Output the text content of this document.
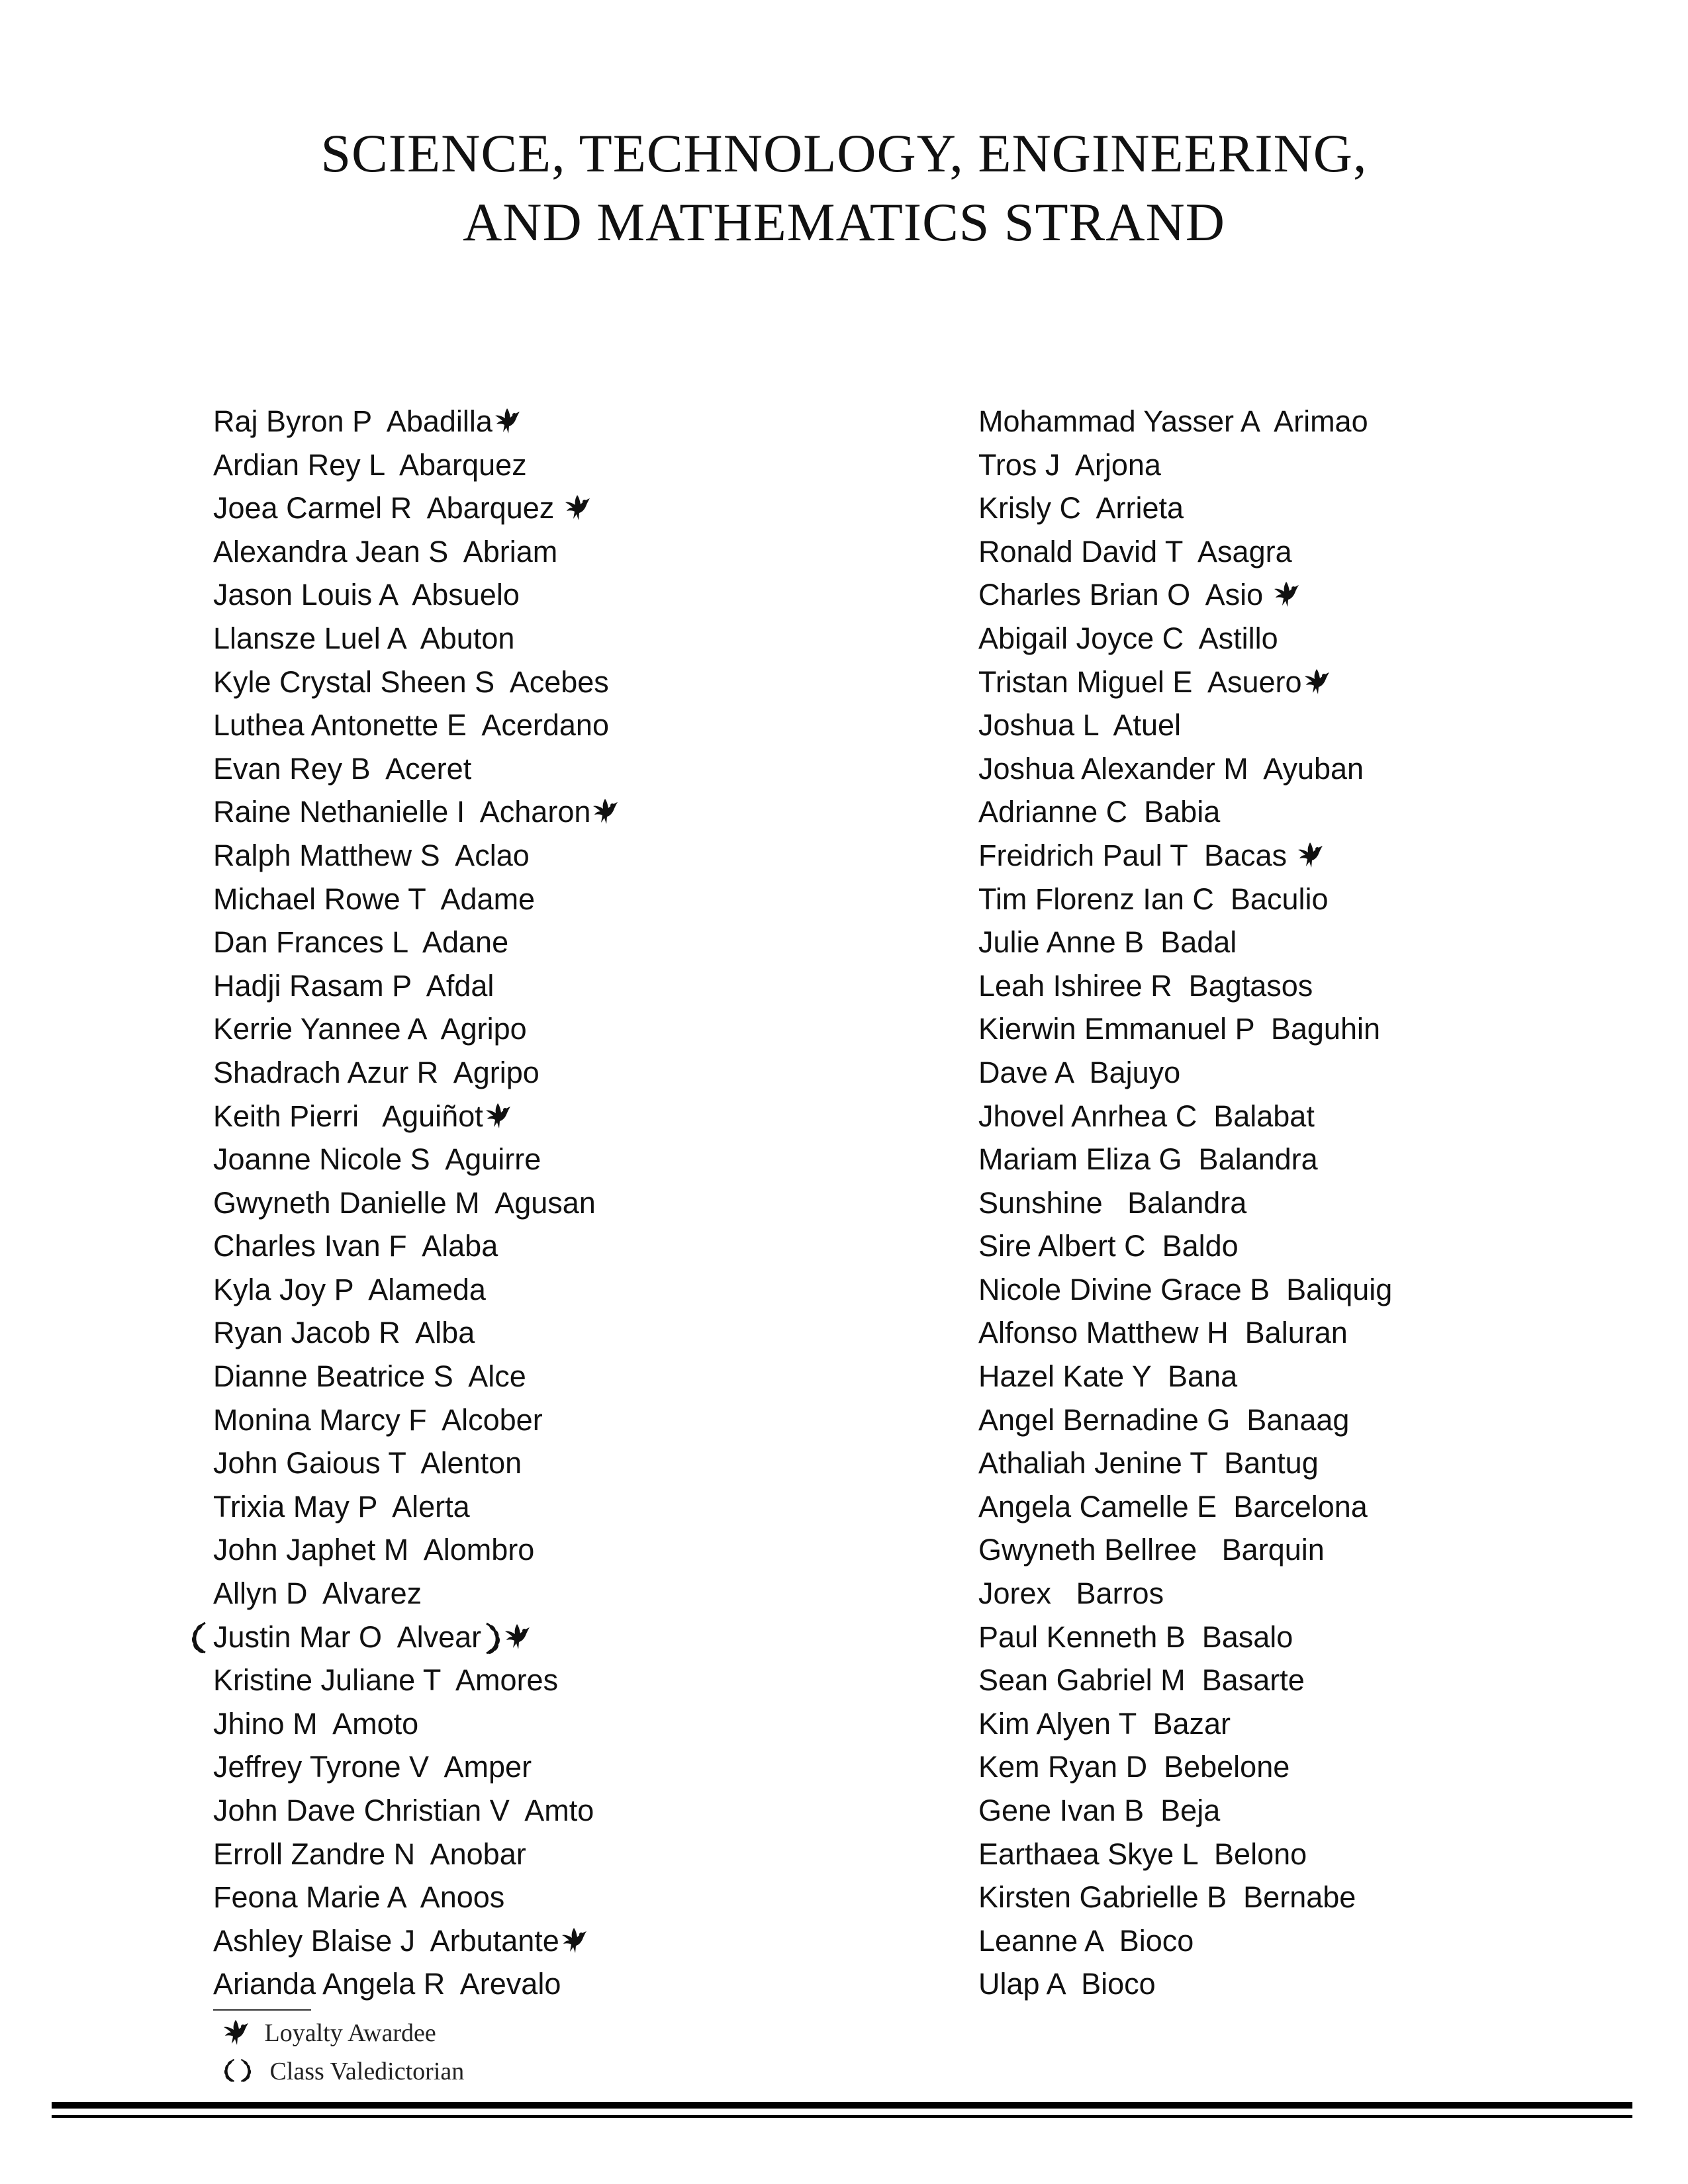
SCIENCE, TECHNOLOGY, ENGINEERING,
AND MATHEMATICS STRAND
Raj Byron P  Abadilla
Ardian Rey L  Abarquez
Joea Carmel R  Abarquez
Alexandra Jean S  Abriam
Jason Louis A  Absuelo
Llansze Luel A  Abuton
Kyle Crystal Sheen S  Acebes
Luthea Antonette E  Acerdano
Evan Rey B  Aceret
Raine Nethanielle I  Acharon
Ralph Matthew S  Aclao
Michael Rowe T  Adame
Dan Frances L  Adane
Hadji Rasam P  Afdal
Kerrie Yannee A  Agripo
Shadrach Azur R  Agripo
Keith Pierri   Aguiñot
Joanne Nicole S  Aguirre
Gwyneth Danielle M  Agusan
Charles Ivan F  Alaba
Kyla Joy P  Alameda
Ryan Jacob R  Alba
Dianne Beatrice S  Alce
Monina Marcy F  Alcober
John Gaious T  Alenton
Trixia May P  Alerta
John Japhet M  Alombro
Allyn D  Alvarez
Justin Mar O  Alvear
Kristine Juliane T  Amores
Jhino M  Amoto
Jeffrey Tyrone V  Amper
John Dave Christian V  Amto
Erroll Zandre N  Anobar
Feona Marie A  Anoos
Ashley Blaise J  Arbutante
Arianda Angela R  Arevalo
Mohammad Yasser A  Arimao
Tros J  Arjona
Krisly C  Arrieta
Ronald David T  Asagra
Charles Brian O  Asio
Abigail Joyce C  Astillo
Tristan Miguel E  Asuero
Joshua L  Atuel
Joshua Alexander M  Ayuban
Adrianne C  Babia
Freidrich Paul T  Bacas
Tim Florenz Ian C  Baculio
Julie Anne B  Badal
Leah Ishiree R  Bagtasos
Kierwin Emmanuel P  Baguhin
Dave A  Bajuyo
Jhovel Anrhea C  Balabat
Mariam Eliza G  Balandra
Sunshine   Balandra
Sire Albert C  Baldo
Nicole Divine Grace B  Baliquig
Alfonso Matthew H  Baluran
Hazel Kate Y  Bana
Angel Bernadine G  Banaag
Athaliah Jenine T  Bantug
Angela Camelle E  Barcelona
Gwyneth Bellree   Barquin
Jorex   Barros
Paul Kenneth B  Basalo
Sean Gabriel M  Basarte
Kim Alyen T  Bazar
Kem Ryan D  Bebelone
Gene Ivan B  Beja
Earthaea Skye L  Belono
Kirsten Gabrielle B  Bernabe
Leanne A  Bioco
Ulap A  Bioco
Loyalty Awardee
Class Valedictorian
